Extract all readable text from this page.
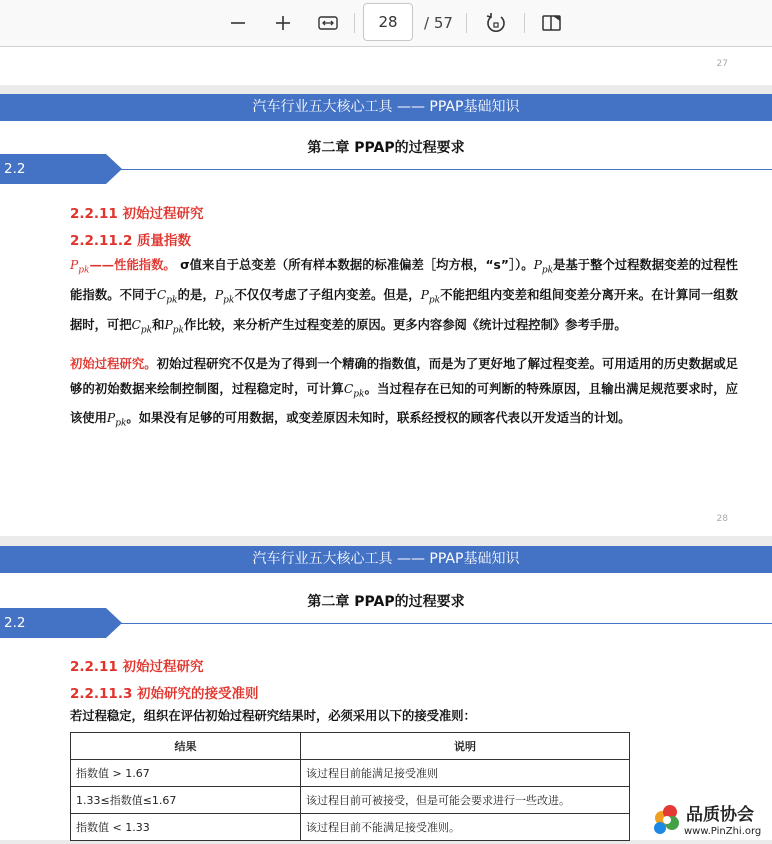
28
/ 57
27
汽车行业五大核心工具 —— PPAP基础知识
第二章 PPAP的过程要求
2.2 PPAP要求
2.2.11 初始过程研究
2.2.11.2 质量指数
$P_{pk}——$性能指数。 σ值来自于总变差（所有样本数据的标准偏差［均方根，“s”］）。$P_{pk}$是基于整个过程数据变差的过程性能指数。不同于$C_{pk}$的是，$P_{pk}$不仅仅考虑了子组内变差。但是，$P_{pk}$不能把组内变差和组间变差分离开来。在计算同一组数据时，可把$C_{pk}$和$P_{pk}$作比较，来分析产生过程变差的原因。更多内容参阅《统计过程控制》参考手册。
初始过程研究。初始过程研究不仅是为了得到一个精确的指数值，而是为了更好地了解过程变差。可用适用的历史数据或足够的初始数据来绘制控制图，过程稳定时，可计算$C_{pk}$。当过程存在已知的可判断的特殊原因，且输出满足规范要求时，应该使用$P_{pk}$。如果没有足够的可用数据，或变差原因未知时，联系经授权的顾客代表以开发适当的计划。
28
汽车行业五大核心工具 —— PPAP基础知识
第二章 PPAP的过程要求
2.2 PPAP要求
2.2.11 初始过程研究
2.2.11.3 初始研究的接受准则
若过程稳定，组织在评估初始过程研究结果时，必须采用以下的接受准则：
结果	说明
指数值 > 1.67	该过程目前能满足接受准则
1.33≤指数值≤1.67	该过程目前可被接受，但是可能会要求进行一些改进。
指数值 < 1.33	该过程目前不能满足接受准则。
品质协会
www.PinZhi.org
